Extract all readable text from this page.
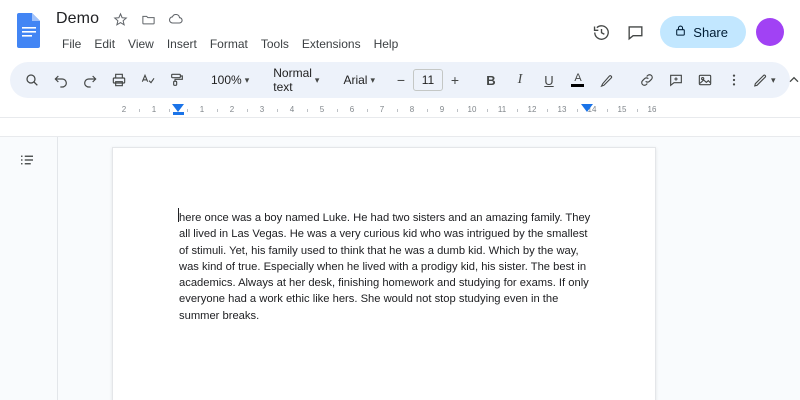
Demo
File	Edit	View	Insert	Format	Tools	Extensions	Help
Share
100% ▾ Normal text
▾ Arial ▾	−
11	+	B	I	U	A	▾
2	1	1	2	3	4	5	6	7	8	9	10	11	12	13	14	15	16
here once was a boy named Luke. He had two sisters and an amazing family. They all lived in Las Vegas. He was a very curious kid who was intrigued by the smallest of stimuli. Yet, his family used to think that he was a dumb kid. Which by the way, was kind of true. Especially when he lived with a prodigy kid, his sister. The best in academics. Always at her desk, finishing homework and studying for exams. If only everyone had a work ethic like hers. She would not stop studying even in the summer breaks.
